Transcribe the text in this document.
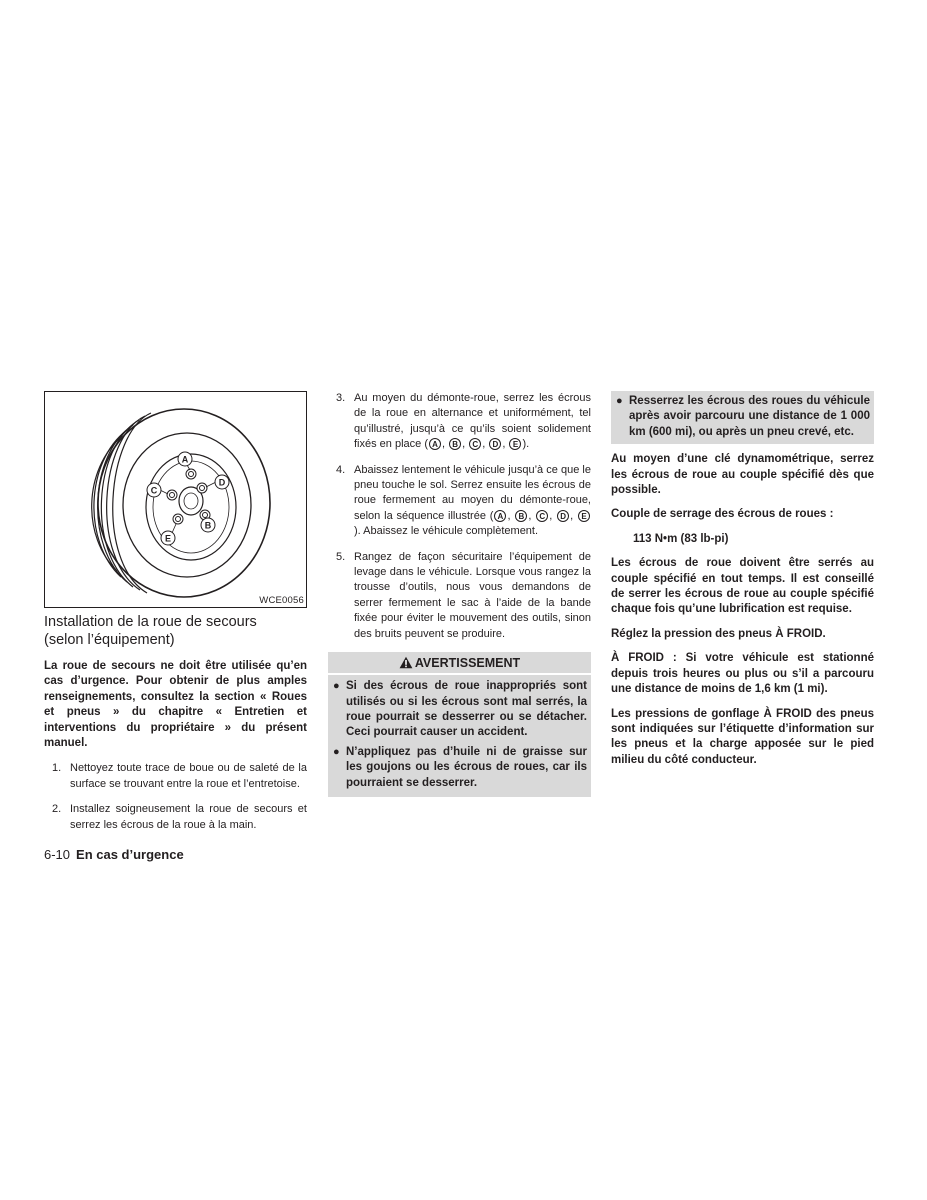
A
D
C
B
E
WCE0056
Installation de la roue de secours
(selon l’équipement)

La roue de secours ne doit être utilisée qu’en cas d’urgence. Pour obtenir de plus amples renseignements, consultez la section « Roues et pneus » du chapitre « Entretien et interventions du propriétaire » du présent manuel.

1. Nettoyez toute trace de boue ou de saleté de la surface se trouvant entre la roue et l’entretoise.
2. Installez soigneusement la roue de secours et serrez les écrous de la roue à la main.
3. Au moyen du démonte-roue, serrez les écrous de la roue en alternance et uniformément, tel qu’illustré, jusqu’à ce qu’ils soient solidement fixés en place ( A , B , C , D , E ).
4. Abaissez lentement le véhicule jusqu’à ce que le pneu touche le sol. Serrez ensuite les écrous de roue fermement au moyen du démonte-roue, selon la séquence illustrée ( A , B , C , D , E). Abaissez le véhicule complètement.
5. Rangez de façon sécuritaire l’équipement de levage dans le véhicule. Lorsque vous rangez la trousse d’outils, nous vous demandons de serrer fermement le sac à l’aide de la bande fixée pour éviter le mouvement des outils, sinon des bruits peuvent se produire.
AVERTISSEMENT
● Si des écrous de roue inappropriés sont utilisés ou si les écrous sont mal serrés, la roue pourrait se desserrer ou se détacher. Ceci pourrait causer un accident.
● N’appliquez pas d’huile ni de graisse sur les goujons ou les écrous de roues, car ils pourraient se desserrer.
● Resserrez les écrous des roues du véhicule après avoir parcouru une distance de 1 000 km (600 mi), ou après un pneu crevé, etc.

Au moyen d’une clé dynamométrique, serrez les écrous de roue au couple spécifié dès que possible.

Couple de serrage des écrous de roues :

113 N•m (83 lb-pi)

Les écrous de roue doivent être serrés au couple spécifié en tout temps. Il est conseillé de serrer les écrous de roue au couple spécifié chaque fois qu’une lubrification est requise.

Réglez la pression des pneus À FROID.

À FROID : Si votre véhicule est stationné depuis trois heures ou plus ou s’il a parcouru une distance de moins de 1,6 km (1 mi).

Les pressions de gonflage À FROID des pneus sont indiquées sur l’étiquette d’information sur les pneus et la charge apposée sur le pied milieu du côté conducteur.

6-10 En cas d’urgence
